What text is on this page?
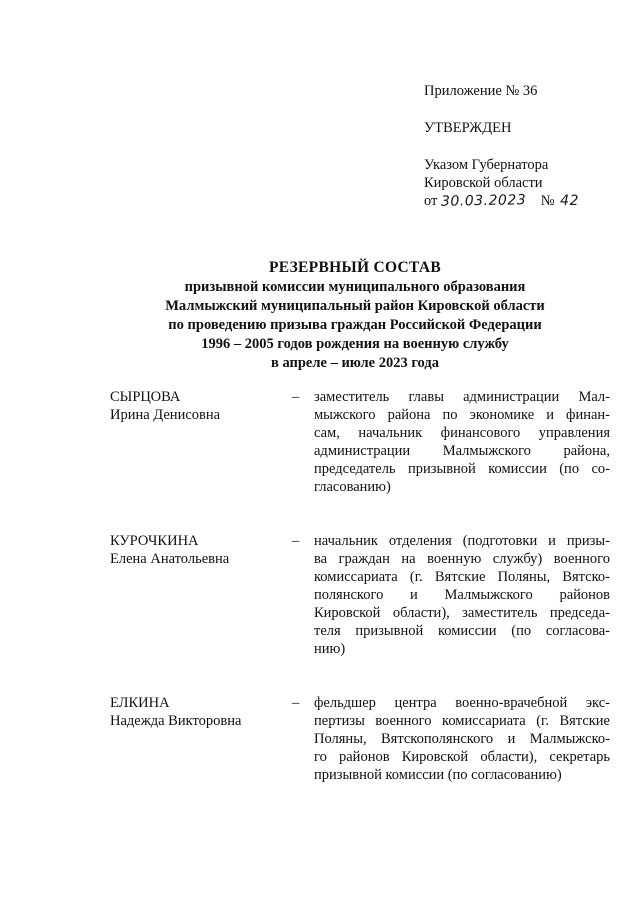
Приложение № 36
УТВЕРЖДЕН
Указом Губернатора
Кировской области
от 30.03.2023 № 42
РЕЗЕРВНЫЙ СОСТАВ
призывной комиссии муниципального образования
Малмыжский муниципальный район Кировской области
по проведению призыва граждан Российской Федерации
1996 – 2005 годов рождения на военную службу
в апреле – июле 2023 года
СЫРЦОВА
Ирина Денисовна
–	заместитель главы администрации Мал-
мыжского района по экономике и финан-
сам, начальник финансового управления
администрации Малмыжского района,
председатель призывной комиссии (по со-
гласованию)
КУРОЧКИНА
Елена Анатольевна
–	начальник отделения (подготовки и призы-
ва граждан на военную службу) военного
комиссариата (г. Вятские Поляны, Вятско-
полянского и Малмыжского районов
Кировской области), заместитель председа-
теля призывной комиссии (по согласова-
нию)
ЕЛКИНА
Надежда Викторовна
–	фельдшер центра военно-врачебной экс-
пертизы военного комиссариата (г. Вятские
Поляны, Вятскополянского и Малмыжско-
го районов Кировской области), секретарь
призывной комиссии (по согласованию)
